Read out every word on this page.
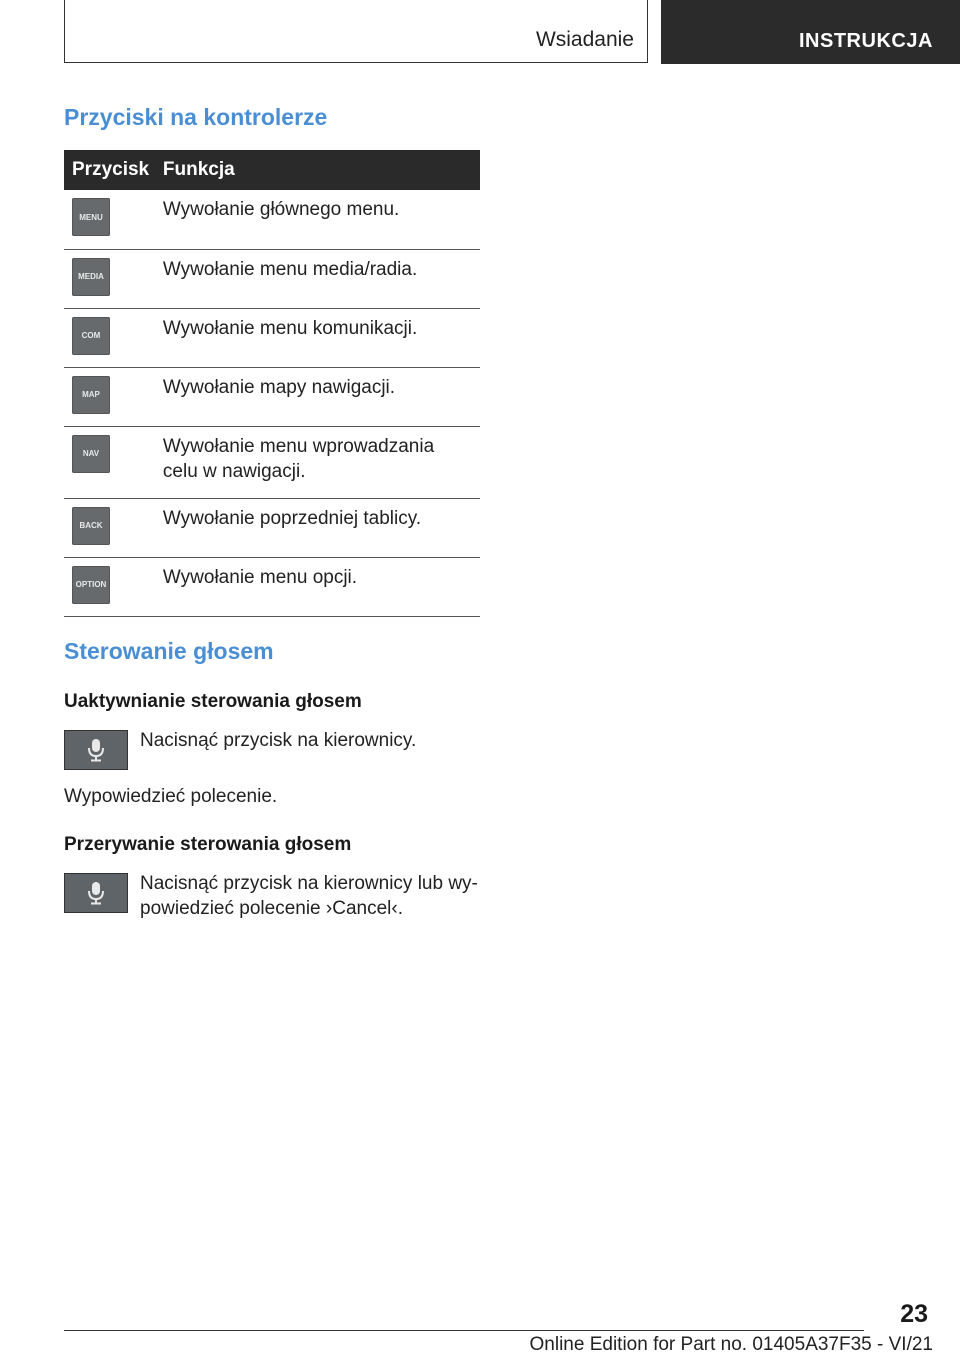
Wsiadanie	INSTRUKCJA
Przyciski na kontrolerze
Przycisk	Funkcja

MENU	Wywołanie głównego menu.

MEDIA	Wywołanie menu media/radia.

COM	Wywołanie menu komunikacji.

MAP	Wywołanie mapy nawigacji.

NAV	Wywołanie menu wprowadzania celu w nawigacji.

BACK	Wywołanie poprzedniej tablicy.

OPTION	Wywołanie menu opcji.
Sterowanie głosem
Uaktywnianie sterowania głosem
Nacisnąć przycisk na kierownicy.
Wypowiedzieć polecenie.
Przerywanie sterowania głosem
Nacisnąć przycisk na kierownicy lub wy-
powiedzieć polecenie ›Cancel‹.
23
Online Edition for Part no. 01405A37F35 - VI/21
